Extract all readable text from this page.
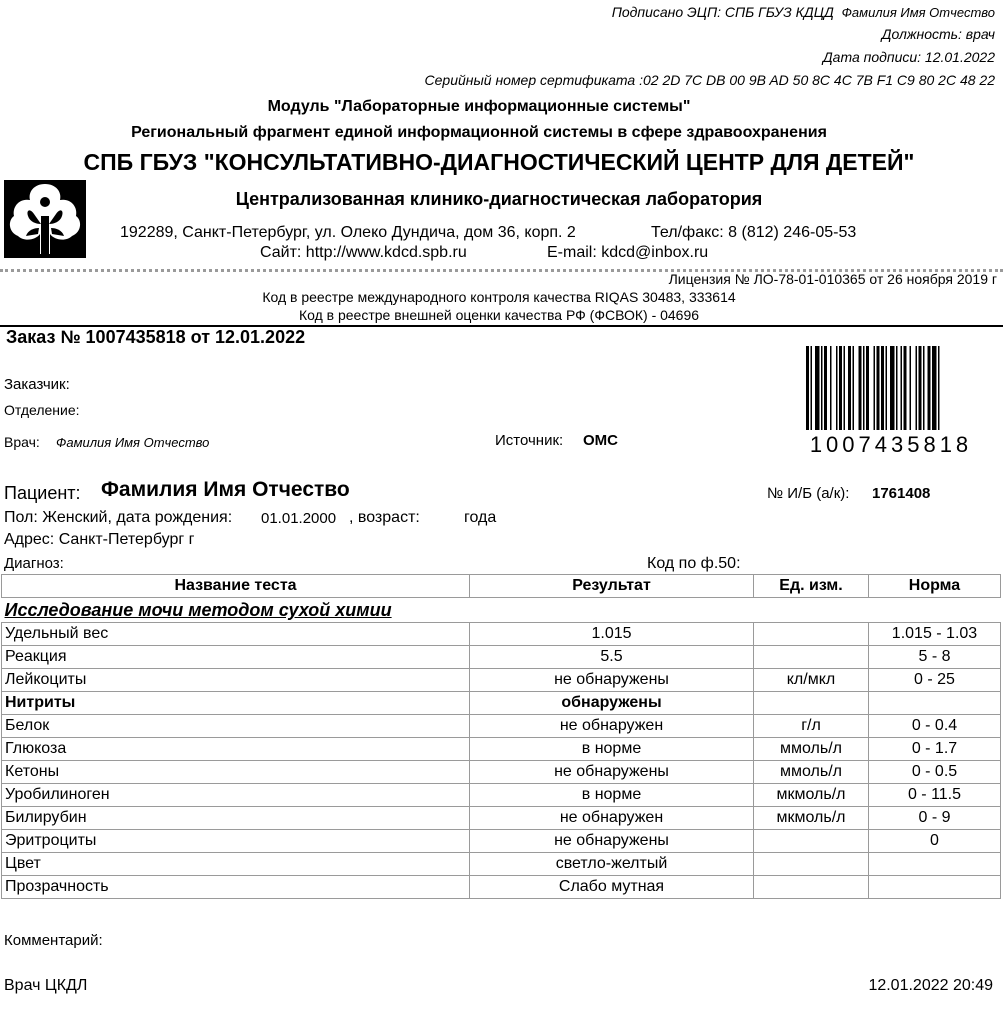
Подписано ЭЦП: СПБ ГБУЗ КДЦД Фамилия Имя Отчество
Должность: врач
Дата подписи: 12.01.2022
Серийный номер сертификата :02 2D 7C DB 00 9B AD 50 8C 4C 7B F1 C9 80 2C 48 22
Модуль "Лабораторные информационные системы"
Региональный фрагмент единой информационной системы в сфере здравоохранения
СПБ ГБУЗ "КОНСУЛЬТАТИВНО-ДИАГНОСТИЧЕСКИЙ ЦЕНТР ДЛЯ ДЕТЕЙ"
Централизованная клинико-диагностическая лаборатория
192289, Санкт-Петербург, ул. Олеко Дундича, дом 36, корп. 2	Тел/факс: 8 (812) 246-05-53
Сайт: http://www.kdcd.spb.ru	E-mail: kdcd@inbox.ru
Лицензия № ЛО-78-01-010365 от 26 ноября 2019 г
Код в реестре международного контроля качества RIQAS 30483, 333614
Код в реестре внешней оценки качества РФ (ФСВОК) - 04696
Заказ № 1007435818 от 12.01.2022
Заказчик:
Отделение:
Врач: Фамилия Имя Отчество	Источник: ОМС	1007435818
Пациент: Фамилия Имя Отчество	№ И/Б (а/к): 1761408
Пол: Женский, дата рождения: 01.01.2000 , возраст:	года
Адрес: Санкт-Петербург г
Диагноз:	Код по ф.50:
Название теста	Результат	Ед. изм.	Норма
Исследование мочи методом сухой химии			
Удельный вес	1.015		1.015 - 1.03
Реакция	5.5		5 - 8
Лейкоциты	не обнаружены	кл/мкл	0 - 25
Нитриты	обнаружены		
Белок	не обнаружен	г/л	0 - 0.4
Глюкоза	в норме	ммоль/л	0 - 1.7
Кетоны	не обнаружены	ммоль/л	0 - 0.5
Уробилиноген	в норме	мкмоль/л	0 - 11.5
Билирубин	не обнаружен	мкмоль/л	0 - 9
Эритроциты	не обнаружены		0
Цвет	светло-желтый		
Прозрачность	Слабо мутная		
Комментарий:
Врач ЦКДЛ	12.01.2022 20:49
